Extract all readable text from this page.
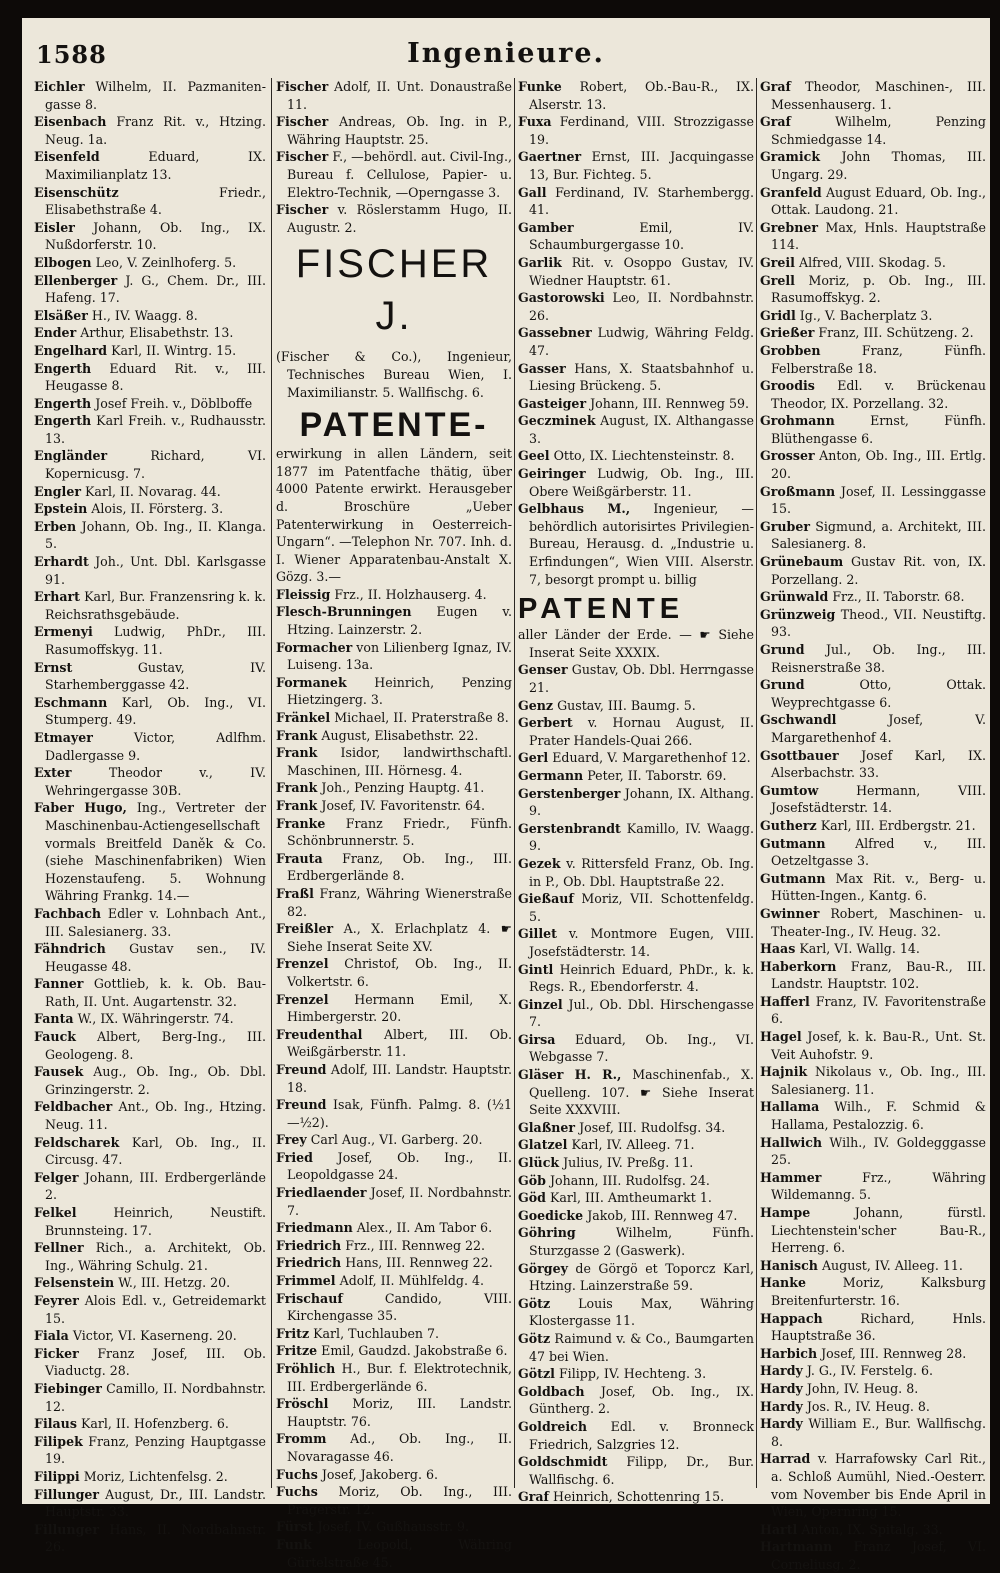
1588	Ingenieure.

Eichler Wilhelm, II. Pazmaniten-gasse 8.

Eisenbach Franz Rit. v., Htzing. Neug. 1a.

Eisenfeld	Eduard, IX. Maximilianplatz 13.

Eisenschütz	Friedr., Elisabethstraße 4.

Eisler Johann, Ob. Ing., IX. Nußdorferstr. 10.

Elbogen Leo, V. Zeinlhoferg. 5.

Ellenberger J. G., Chem. Dr., III. Hafeng. 17.

Elsäßer H., IV. Waagg. 8.

Ender Arthur, Elisabethstr. 13.

Engelhard Karl, II. Wintrg. 15.

Engerth Eduard Rit. v., III. Heugasse 8.

Engerth Josef Freih. v., Döblboffe

Engerth Karl Freih. v., Rudhausstr. 13.

Engländer	Richard, VI. Kopernicusg. 7.

Engler Karl, II. Novarag. 44.

Epstein Alois, II. Försterg. 3.

Erben Johann, Ob. Ing., II. Klanga. 5.

Erhardt Joh., Unt. Dbl. Karlsgasse 91.

Erhart Karl, Bur. Franzensring k. k. Reichsrathsgebäude.

Ermenyi Ludwig, PhDr., III. Rasumoffskyg. 11.

Ernst	Gustav, IV. Starhemberggasse 42.

Eschmann Karl, Ob. Ing., VI. Stumperg. 49.

Etmayer	Victor, Adlfhm. Dadlergasse 9.

Exter	Theodor v., IV. Wehringergasse 30B.

Faber Hugo, Ing., Vertreter der Maschinenbau-Actiengesellschaft vormals Breitfeld Daněk & Co. (siehe Maschinenfabriken) Wien Hozenstaufeng. 5. Wohnung Währing Frankg. 14.—

Fachbach Edler v. Lohnbach Ant., III. Salesianerg. 33.

Fähndrich Gustav sen., IV. Heugasse 48.

Fanner Gottlieb, k. k. Ob. Bau-Rath, II. Unt. Augartenstr. 32.

Fanta W., IX. Währingerstr. 74.

Fauck Albert, Berg-Ing., III. Geologeng. 8.

Fausek Aug., Ob. Ing., Ob. Dbl. Grinzingerstr. 2.

Feldbacher Ant., Ob. Ing., Htzing. Neug. 11.

Feldscharek Karl, Ob. Ing., II. Circusg. 47.

Felger Johann, III. Erdbergerlände 2.

Felkel	Heinrich, Neustift. Brunnsteing. 17.

Fellner Rich., a. Architekt, Ob. Ing., Währing Schulg. 21.

Felsenstein W., III. Hetzg. 20.

Feyrer Alois Edl. v., Getreidemarkt 15.

Fiala Victor, VI. Kaserneng. 20.

Ficker Franz Josef, III. Ob. Viaductg. 28.

Fiebinger Camillo, II. Nordbahnstr. 12.

Filaus Karl, II. Hofenzberg. 6.

Filipek Franz, Penzing Hauptgasse 19.

Filippi Moriz, Lichtenfelsg. 2.

Fillunger August, Dr., III. Landstr. Hauptstr. 33.

Fillunger Hans, II. Nordbahnstr. 26.

Fischer Adolf, II. Unt. Donaustraße 11.

Fischer Andreas, Ob. Ing. in P., Währing Hauptstr. 25.

Fischer F., —behördl. aut. Civil-Ing., Bureau f. Cellulose, Papier- u. Elektro-Technik, —Operngasse 3.

Fischer v. Röslerstamm Hugo, II. Augustr. 2.

FISCHER J.

(Fischer & Co.), Ingenieur, Technisches Bureau Wien, I. Maximilianstr. 5. Wallfischg. 6.

PATENTE-

erwirkung in allen Ländern, seit 1877 im Patentfache thätig, über 4000 Patente erwirkt. Herausgeber d. Broschüre „Ueber Patenterwirkung in Oesterreich-Ungarn“. —Telephon Nr. 707. Inh. d. I. Wiener Apparatenbau-Anstalt X. Gözg. 3.—

Fleissig Frz., II. Holzhauserg. 4.

Flesch-Brunningen Eugen v. Htzing. Lainzerstr. 2.

Formacher von Lilienberg Ignaz, IV. Luiseng. 13a.

Formanek Heinrich, Penzing Hietzingerg. 3.

Fränkel Michael, II. Praterstraße 8.

Frank August, Elisabethstr. 22.

Frank Isidor, landwirthschaftl. Maschinen, III. Hörnesg. 4.

Frank Joh., Penzing Hauptg. 41.

Frank Josef, IV. Favoritenstr. 64.

Franke Franz Friedr., Fünfh. Schönbrunnerstr. 5.

Frauta Franz, Ob. Ing., III. Erdbergerlände 8.

Fraßl Franz, Währing Wienerstraße 82.

Freißler A., X. Erlachplatz 4. ☛ Siehe Inserat Seite XV.

Frenzel Christof, Ob. Ing., II. Volkertstr. 6.

Frenzel Hermann Emil, X. Himbergerstr. 20.

Freudenthal Albert, III. Ob. Weißgärberstr. 11.

Freund Adolf, III. Landstr. Hauptstr. 18.

Freund Isak, Fünfh. Palmg. 8. (½1—½2).

Frey Carl Aug., VI. Garberg. 20.

Fried Josef, Ob. Ing., II. Leopoldgasse 24.

Friedlaender Josef, II. Nordbahnstr. 7.

Friedmann Alex., II. Am Tabor 6.

Friedrich Frz., III. Rennweg 22.

Friedrich Hans, III. Rennweg 22.

Frimmel Adolf, II. Mühlfeldg. 4.

Frischauf	Candido, VIII. Kirchengasse 35.

Fritz Karl, Tuchlauben 7.

Fritze Emil, Gaudzd. Jakobstraße 6.

Fröhlich H., Bur. f. Elektrotechnik, III. Erdbergerlände 6.

Fröschl Moriz, III. Landstr. Hauptstr. 76.

Fromm Ad., Ob. Ing., II. Novaragasse 46.

Fuchs Josef, Jakoberg. 6.

Fuchs Moriz, Ob. Ing., III. Pragerstr. 12.

Fürst Josef, IV. Gußhausstr. 9.

Funk	Leopold, Währing Gürtelstraße 45.

Funke Robert, Ob.-Bau-R., IX. Alserstr. 13.

Fuxa Ferdinand, VIII. Strozzigasse 19.

Gaertner Ernst, III. Jacquingasse 13, Bur. Fichteg. 5.

Gall Ferdinand, IV. Starhembergg. 41.

Gamber	Emil, IV. Schaumburgergasse 10.

Garlik Rit. v. Osoppo Gustav, IV. Wiedner Hauptstr. 61.

Gastorowski Leo, II. Nordbahnstr. 26.

Gassebner Ludwig, Währing Feldg. 47.

Gasser Hans, X. Staatsbahnhof u. Liesing Brückeng. 5.

Gasteiger Johann, III. Rennweg 59.

Geczminek August, IX. Althangasse 3.

Geel Otto, IX. Liechtensteinstr. 8.

Geiringer Ludwig, Ob. Ing., III. Obere Weißgärberstr. 11.

Gelbhaus M., Ingenieur, —behördlich autorisirtes Privilegien-Bureau, Herausg. d. „Industrie u. Erfindungen“, Wien VIII. Alserstr. 7, besorgt prompt u. billig

PATENTE

aller Länder der Erde. — ☛ Siehe Inserat Seite XXXIX.

Genser Gustav, Ob. Dbl. Herrngasse 21.

Genz Gustav, III. Baumg. 5.

Gerbert v. Hornau August, II. Prater Handels-Quai 266.

Gerl Eduard, V. Margarethenhof 12.

Germann Peter, II. Taborstr. 69.

Gerstenberger Johann, IX. Althang. 9.

Gerstenbrandt Kamillo, IV. Waagg. 9.

Gezek v. Rittersfeld Franz, Ob. Ing. in P., Ob. Dbl. Hauptstraße 22.

Gießauf Moriz, VII. Schottenfeldg. 5.

Gillet v. Montmore Eugen, VIII. Josefstädterstr. 14.

Gintl Heinrich Eduard, PhDr., k. k. Regs. R., Ebendorferstr. 4.

Ginzel Jul., Ob. Dbl. Hirschengasse 7.

Girsa Eduard, Ob. Ing., VI. Webgasse 7.

Gläser H. R., Maschinenfab., X. Quelleng. 107. ☛ Siehe Inserat Seite XXXVIII.

Glaßner Josef, III. Rudolfsg. 34.

Glatzel Karl, IV. Alleeg. 71.

Glück Julius, IV. Preßg. 11.

Göb Johann, III. Rudolfsg. 24.

Göd Karl, III. Amtheumarkt 1.

Goedicke Jakob, III. Rennweg 47.

Göhring	Wilhelm, Fünfh. Sturzgasse 2 (Gaswerk).

Görgey de Görgö et Toporcz Karl, Htzing. Lainzerstraße 59.

Götz Louis Max, Währing Klostergasse 11.

Götz Raimund v. & Co., Baumgarten 47 bei Wien.

Götzl Filipp, IV. Hechteng. 3.

Goldbach Josef, Ob. Ing., IX. Güntherg. 2.

Goldreich Edl. v. Bronneck Friedrich, Salzgries 12.

Goldschmidt Filipp, Dr., Bur. Wallfischg. 6.

Graf Heinrich, Schottenring 15.

Graf Theodor, Maschinen-, III. Messenhauserg. 1.

Graf	Wilhelm, Penzing Schmiedgasse 14.

Gramick John Thomas, III. Ungarg. 29.

Granfeld August Eduard, Ob. Ing., Ottak. Laudong. 21.

Grebner Max, Hnls. Hauptstraße 114.

Greil Alfred, VIII. Skodag. 5.

Grell Moriz, p. Ob. Ing., III. Rasumoffskyg. 2.

Gridl Ig., V. Bacherplatz 3.

Grießer Franz, III. Schützeng. 2.

Grobben	Franz, Fünfh. Felberstraße 18.

Groodis Edl. v. Brückenau Theodor, IX. Porzellang. 32.

Grohmann	Ernst, Fünfh. Blüthengasse 6.

Grosser Anton, Ob. Ing., III. Ertlg. 20.

Großmann Josef, II. Lessinggasse 15.

Gruber Sigmund, a. Architekt, III. Salesianerg. 8.

Grünebaum Gustav Rit. von, IX. Porzellang. 2.

Grünwald Frz., II. Taborstr. 68.

Grünzweig Theod., VII. Neustiftg. 93.

Grund Jul., Ob. Ing., III. Reisnerstraße 38.

Grund	Otto, Ottak. Weyprechtgasse 6.

Gschwandl	Josef, V. Margarethenhof 4.

Gsottbauer Josef Karl, IX. Alserbachstr. 33.

Gumtow	Hermann, VIII. Josefstädterstr. 14.

Gutherz Karl, III. Erdbergstr. 21.

Gutmann Alfred v., III. Oetzeltgasse 3.

Gutmann Max Rit. v., Berg- u. Hütten-Ingen., Kantg. 6.

Gwinner Robert, Maschinen- u. Theater-Ing., IV. Heug. 32.

Haas Karl, VI. Wallg. 14.

Haberkorn Franz, Bau-R., III. Landstr. Hauptstr. 102.

Hafferl Franz, IV. Favoritenstraße 6.

Hagel Josef, k. k. Bau-R., Unt. St. Veit Auhofstr. 9.

Hajnik Nikolaus v., Ob. Ing., III. Salesianerg. 11.

Hallama Wilh., F. Schmid & Hallama, Pestalozzig. 6.

Hallwich Wilh., IV. Goldegggasse 25.

Hammer	Frz., Währing Wildemanng. 5.

Hampe	Johann, fürstl. Liechtenstein'scher Bau-R., Herreng. 6.

Hanisch August, IV. Alleeg. 11.

Hanke	Moriz, Kalksburg Breitenfurterstr. 16.

Happach	Richard, Hnls. Hauptstraße 36.

Harbich Josef, III. Rennweg 28.

Hardy J. G., IV. Ferstelg. 6.

Hardy John, IV. Heug. 8.

Hardy Jos. R., IV. Heug. 8.

Hardy William E., Bur. Wallfischg. 8.

Harrad v. Harrafowsky Carl Rit., a. Schloß Aumühl, Nied.-Oesterr. vom November bis Ende April in Wien, Opernring 15.

Hartl Anton, IX. Spitalg. 33.

Hartmann Franz Josef, VI. Corneliusg. 2.
